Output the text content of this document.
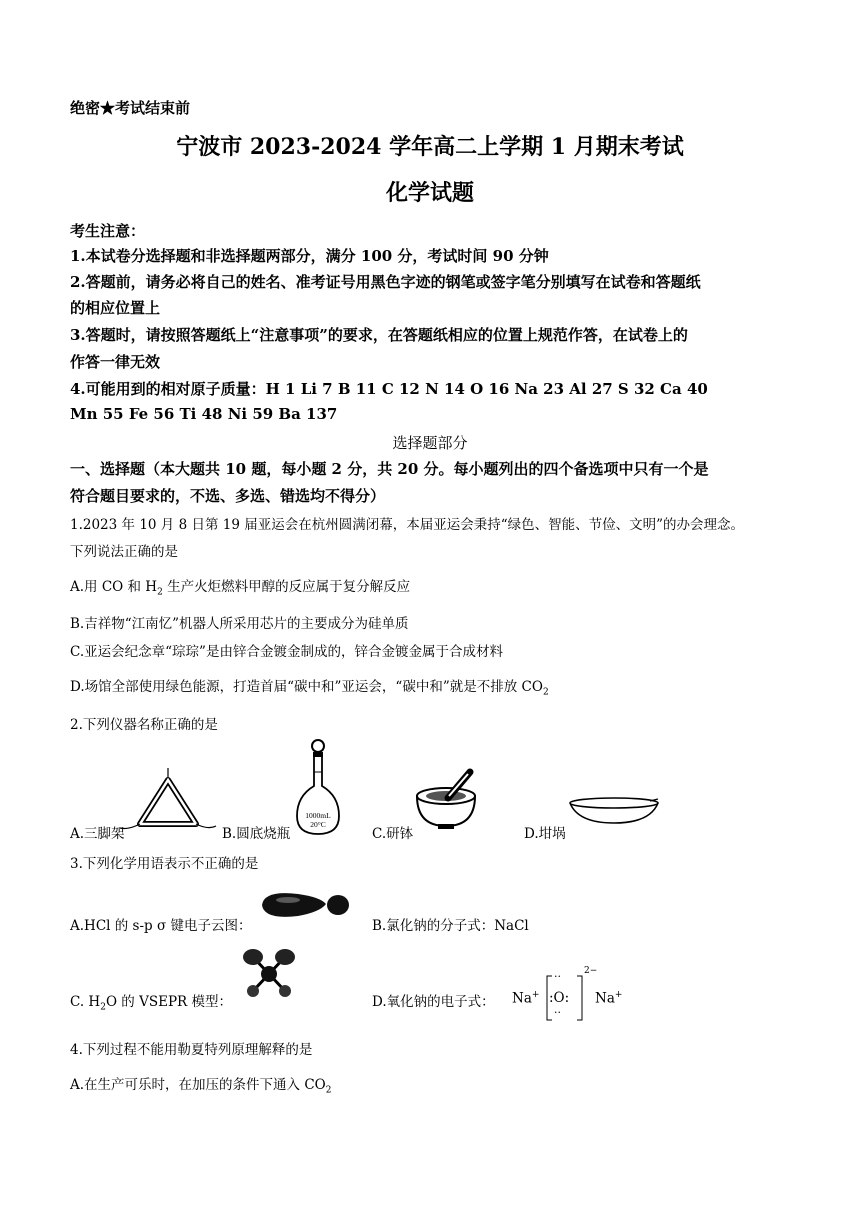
绝密★考试结束前
宁波市 2023-2024 学年高二上学期 1 月期末考试
化学试题
考生注意：
1.本试卷分选择题和非选择题两部分，满分 100 分，考试时间 90 分钟
2.答题前，请务必将自己的姓名、准考证号用黑色字迹的钢笔或签字笔分别填写在试卷和答题纸
的相应位置上
3.答题时，请按照答题纸上“注意事项”的要求，在答题纸相应的位置上规范作答，在试卷上的
作答一律无效
4.可能用到的相对原子质量：H 1 Li 7 B 11 C 12 N 14 O 16 Na 23 Al 27 S 32 Ca 40
Mn 55 Fe 56 Ti 48 Ni 59 Ba 137
选择题部分
一、选择题（本大题共 10 题，每小题 2 分，共 20 分。每小题列出的四个备选项中只有一个是
符合题目要求的，不选、多选、错选均不得分）
1.2023 年 10 月 8 日第 19 届亚运会在杭州圆满闭幕，本届亚运会秉持“绿色、智能、节俭、文明”的办会理念。
下列说法正确的是
A.用 CO 和 $H_2$ 生产火炬燃料甲醇的反应属于复分解反应
B.吉祥物“江南忆”机器人所采用芯片的主要成分为硅单质
C.亚运会纪念章“琮琮”是由锌合金镀金制成的，锌合金镀金属于合成材料
D.场馆全部使用绿色能源，打造首届“碳中和”亚运会，“碳中和”就是不排放 $CO_2$
2.下列仪器名称正确的是
A.三脚架
1000mL
20°C
B.圆底烧瓶	C.研钵	D.坩埚
3.下列化学用语表示不正确的是
A.HCl 的 s-p σ 键电子云图：	B.氯化钠的分子式：NaCl
C. $H_2O$ 的 VSEPR 模型：	D.氧化钠的电子式： Na+
··
:O:
··
2−
Na+
4.下列过程不能用勒夏特列原理解释的是
A.在生产可乐时，在加压的条件下通入 $CO_2$
